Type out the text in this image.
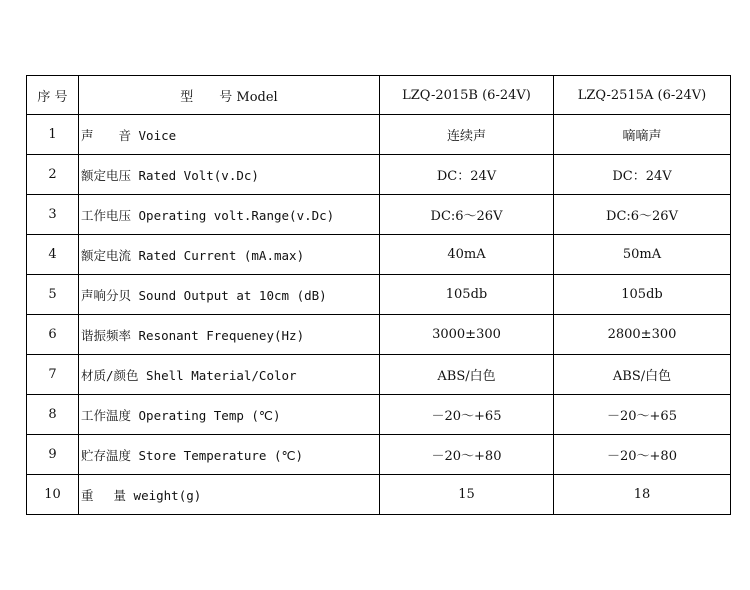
序 号	型　　号 Model	LZQ-2015B (6-24V)	LZQ-2515A (6-24V)
1	声　　音 Voice	连续声	嘀嘀声
2	额定电压 Rated Volt(v.Dc)	DC：24V	DC：24V
3	工作电压 Operating volt.Range(v.Dc)	DC:6～26V	DC:6～26V
4	额定电流 Rated Current (mA.max)	40mA	50mA
5	声响分贝 Sound Output at 10cm (dB)	105db	105db
6	谐振频率 Resonant Frequeney(Hz)	3000±300	2800±300
7	材质/颜色 Shell Material/Color	ABS/白色	ABS/白色
8	工作温度 Operating Temp (℃)	－20～+65	－20～+65
9	贮存温度 Store Temperature (℃)	－20～+80	－20～+80
10	重　 量 weight(g)	15	18
